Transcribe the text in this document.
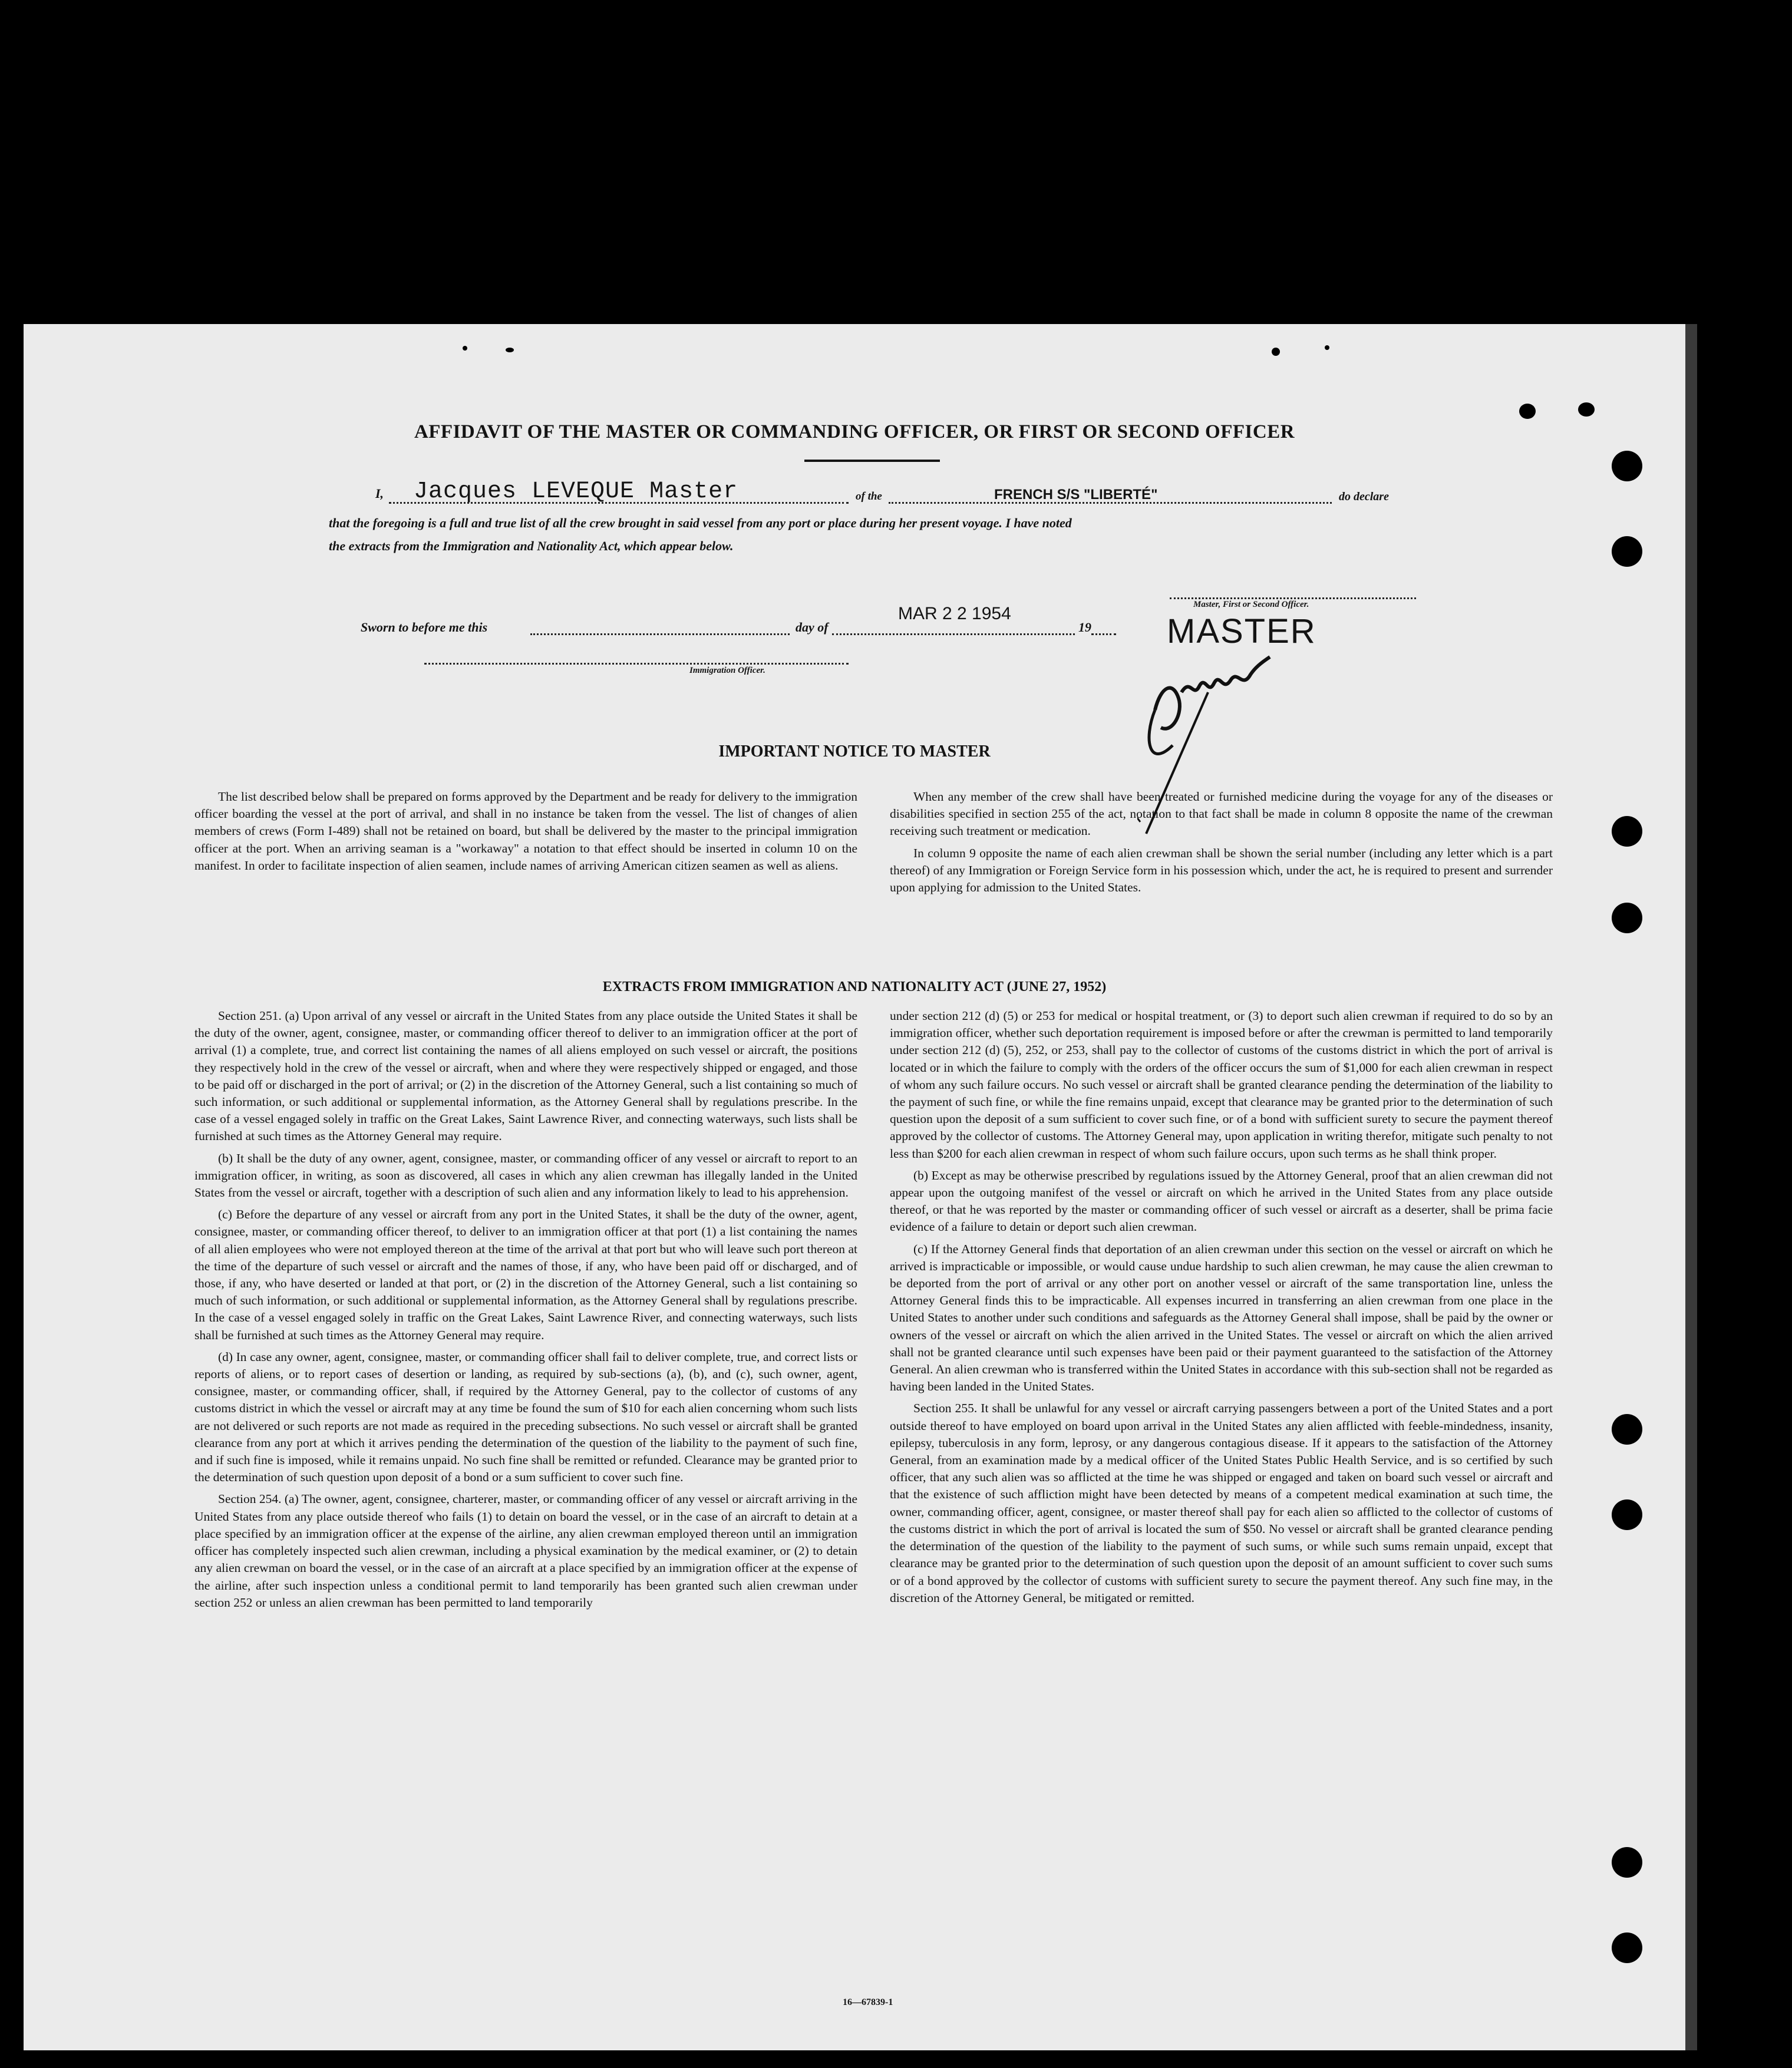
AFFIDAVIT OF THE MASTER OR COMMANDING OFFICER, OR FIRST OR SECOND OFFICER
I, Jacques LEVEQUE Master	of the	FRENCH S/S "LIBERTÉ"	do declare
that the foregoing is a full and true list of all the crew brought in said vessel from any port or place during her present voyage. I have noted
the extracts from the Immigration and Nationality Act, which appear below.
Master, First or Second Officer.
MASTER
Sworn to before me this	day of
MAR 2 2 1954
19
Immigration Officer.
IMPORTANT NOTICE TO MASTER

The list described below shall be prepared on forms approved by the Department and be ready for delivery to the immigration officer boarding the vessel at the port of arrival, and shall in no instance be taken from the vessel. The list of changes of alien members of crews (Form I-489) shall not be retained on board, but shall be delivered by the master to the principal immigration officer at the port. When an arriving seaman is a "workaway" a notation to that effect should be inserted in column 10 on the manifest. In order to facilitate inspection of alien seamen, include names of arriving American citizen seamen as well as aliens.

When any member of the crew shall have been treated or furnished medicine during the voyage for any of the diseases or disabilities specified in section 255 of the act, notation to that fact shall be made in column 8 opposite the name of the crewman receiving such treatment or medication.

In column 9 opposite the name of each alien crewman shall be shown the serial number (including any letter which is a part thereof) of any Immigration or Foreign Service form in his possession which, under the act, he is required to present and surrender upon applying for admission to the United States.

EXTRACTS FROM IMMIGRATION AND NATIONALITY ACT (JUNE 27, 1952)

Section 251. (a) Upon arrival of any vessel or aircraft in the United States from any place outside the United States it shall be the duty of the owner, agent, consignee, master, or commanding officer thereof to deliver to an immigration officer at the port of arrival (1) a complete, true, and correct list containing the names of all aliens employed on such vessel or aircraft, the positions they respectively hold in the crew of the vessel or aircraft, when and where they were respectively shipped or engaged, and those to be paid off or discharged in the port of arrival; or (2) in the discretion of the Attorney General, such a list containing so much of such information, or such additional or supplemental information, as the Attorney General shall by regulations prescribe. In the case of a vessel engaged solely in traffic on the Great Lakes, Saint Lawrence River, and connecting waterways, such lists shall be furnished at such times as the Attorney General may require.

(b) It shall be the duty of any owner, agent, consignee, master, or commanding officer of any vessel or aircraft to report to an immigration officer, in writing, as soon as discovered, all cases in which any alien crewman has illegally landed in the United States from the vessel or aircraft, together with a description of such alien and any information likely to lead to his apprehension.

(c) Before the departure of any vessel or aircraft from any port in the United States, it shall be the duty of the owner, agent, consignee, master, or commanding officer thereof, to deliver to an immigration officer at that port (1) a list containing the names of all alien employees who were not employed thereon at the time of the arrival at that port but who will leave such port thereon at the time of the departure of such vessel or aircraft and the names of those, if any, who have been paid off or discharged, and of those, if any, who have deserted or landed at that port, or (2) in the discretion of the Attorney General, such a list containing so much of such information, or such additional or supplemental information, as the Attorney General shall by regulations prescribe. In the case of a vessel engaged solely in traffic on the Great Lakes, Saint Lawrence River, and connecting waterways, such lists shall be furnished at such times as the Attorney General may require.

(d) In case any owner, agent, consignee, master, or commanding officer shall fail to deliver complete, true, and correct lists or reports of aliens, or to report cases of desertion or landing, as required by sub-sections (a), (b), and (c), such owner, agent, consignee, master, or commanding officer, shall, if required by the Attorney General, pay to the collector of customs of any customs district in which the vessel or aircraft may at any time be found the sum of $10 for each alien concerning whom such lists are not delivered or such reports are not made as required in the preceding subsections. No such vessel or aircraft shall be granted clearance from any port at which it arrives pending the determination of the question of the liability to the payment of such fine, and if such fine is imposed, while it remains unpaid. No such fine shall be remitted or refunded. Clearance may be granted prior to the determination of such question upon deposit of a bond or a sum sufficient to cover such fine.

Section 254. (a) The owner, agent, consignee, charterer, master, or commanding officer of any vessel or aircraft arriving in the United States from any place outside thereof who fails (1) to detain on board the vessel, or in the case of an aircraft to detain at a place specified by an immigration officer at the expense of the airline, any alien crewman employed thereon until an immigration officer has completely inspected such alien crewman, including a physical examination by the medical examiner, or (2) to detain any alien crewman on board the vessel, or in the case of an aircraft at a place specified by an immigration officer at the expense of the airline, after such inspection unless a conditional permit to land temporarily has been granted such alien crewman under section 252 or unless an alien crewman has been permitted to land temporarily

under section 212 (d) (5) or 253 for medical or hospital treatment, or (3) to deport such alien crewman if required to do so by an immigration officer, whether such deportation requirement is imposed before or after the crewman is permitted to land temporarily under section 212 (d) (5), 252, or 253, shall pay to the collector of customs of the customs district in which the port of arrival is located or in which the failure to comply with the orders of the officer occurs the sum of $1,000 for each alien crewman in respect of whom any such failure occurs. No such vessel or aircraft shall be granted clearance pending the determination of the liability to the payment of such fine, or while the fine remains unpaid, except that clearance may be granted prior to the determination of such question upon the deposit of a sum sufficient to cover such fine, or of a bond with sufficient surety to secure the payment thereof approved by the collector of customs. The Attorney General may, upon application in writing therefor, mitigate such penalty to not less than $200 for each alien crewman in respect of whom such failure occurs, upon such terms as he shall think proper.

(b) Except as may be otherwise prescribed by regulations issued by the Attorney General, proof that an alien crewman did not appear upon the outgoing manifest of the vessel or aircraft on which he arrived in the United States from any place outside thereof, or that he was reported by the master or commanding officer of such vessel or aircraft as a deserter, shall be prima facie evidence of a failure to detain or deport such alien crewman.

(c) If the Attorney General finds that deportation of an alien crewman under this section on the vessel or aircraft on which he arrived is impracticable or impossible, or would cause undue hardship to such alien crewman, he may cause the alien crewman to be deported from the port of arrival or any other port on another vessel or aircraft of the same transportation line, unless the Attorney General finds this to be impracticable. All expenses incurred in transferring an alien crewman from one place in the United States to another under such conditions and safeguards as the Attorney General shall impose, shall be paid by the owner or owners of the vessel or aircraft on which the alien arrived in the United States. The vessel or aircraft on which the alien arrived shall not be granted clearance until such expenses have been paid or their payment guaranteed to the satisfaction of the Attorney General. An alien crewman who is transferred within the United States in accordance with this sub-section shall not be regarded as having been landed in the United States.

Section 255. It shall be unlawful for any vessel or aircraft carrying passengers between a port of the United States and a port outside thereof to have employed on board upon arrival in the United States any alien afflicted with feeble-mindedness, insanity, epilepsy, tuberculosis in any form, leprosy, or any dangerous contagious disease. If it appears to the satisfaction of the Attorney General, from an examination made by a medical officer of the United States Public Health Service, and is so certified by such officer, that any such alien was so afflicted at the time he was shipped or engaged and taken on board such vessel or aircraft and that the existence of such affliction might have been detected by means of a competent medical examination at such time, the owner, commanding officer, agent, consignee, or master thereof shall pay for each alien so afflicted to the collector of customs of the customs district in which the port of arrival is located the sum of $50. No vessel or aircraft shall be granted clearance pending the determination of the question of the liability to the payment of such sums, or while such sums remain unpaid, except that clearance may be granted prior to the determination of such question upon the deposit of an amount sufficient to cover such sums or of a bond approved by the collector of customs with sufficient surety to secure the payment thereof. Any such fine may, in the discretion of the Attorney General, be mitigated or remitted.

16—67839-1
